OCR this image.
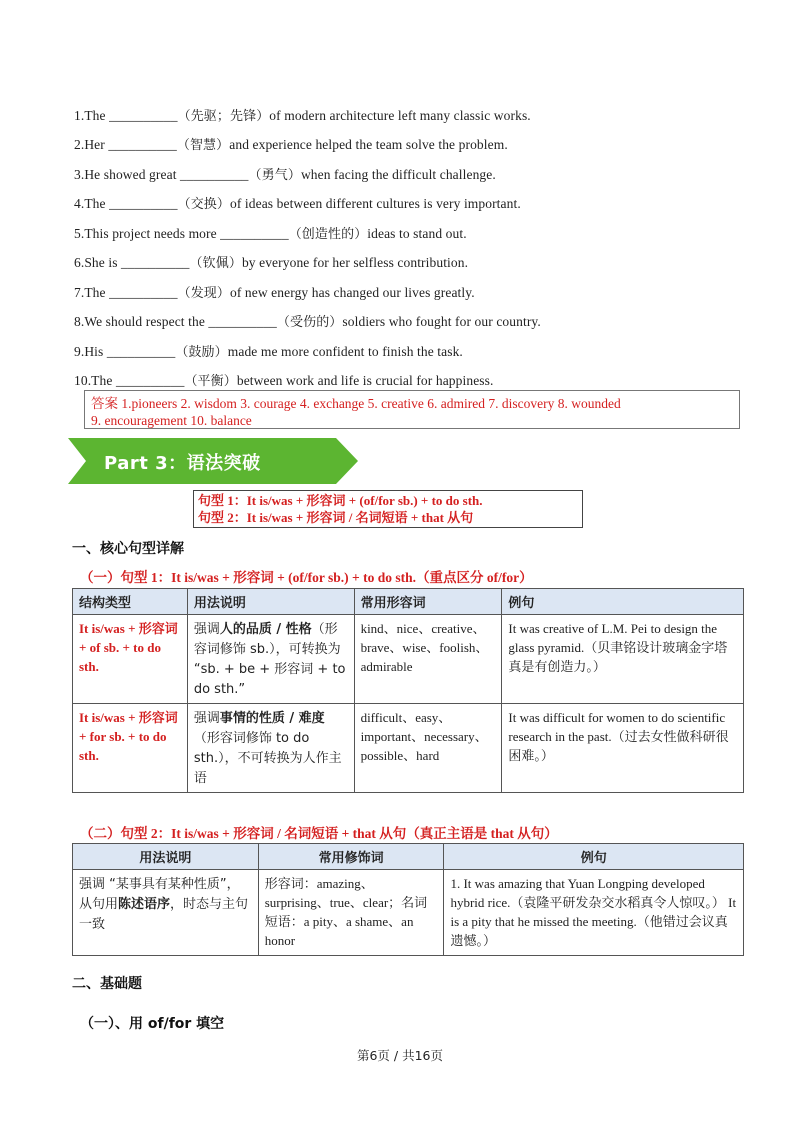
1.The __________（先驱；先锋）of modern architecture left many classic works.
2.Her __________（智慧）and experience helped the team solve the problem.
3.He showed great __________（勇气）when facing the difficult challenge.
4.The __________（交换）of ideas between different cultures is very important.
5.This project needs more __________（创造性的）ideas to stand out.
6.She is __________（钦佩）by everyone for her selfless contribution.
7.The __________（发现）of new energy has changed our lives greatly.
8.We should respect the __________（受伤的）soldiers who fought for our country.
9.His __________（鼓励）made me more confident to finish the task.
10.The __________（平衡）between work and life is crucial for happiness.
答案 1.pioneers 2. wisdom 3. courage 4. exchange 5. creative 6. admired 7. discovery 8. wounded
9. encouragement 10. balance
Part 3：语法突破
句型 1：It is/was + 形容词 + (of/for sb.) + to do sth.
句型 2：It is/was + 形容词 / 名词短语 + that 从句
一、核心句型详解
（一）句型 1：It is/was + 形容词 + (of/for sb.) + to do sth.（重点区分 of/for）
结构类型	用法说明	常用形容词	例句
It is/was + 形容词 + of sb. + to do sth.	强调人的品质 / 性格（形容词修饰 sb.），可转换为 “sb. + be + 形容词 + to do sth.”	kind、nice、creative、brave、wise、foolish、admirable	It was creative of L.M. Pei to design the glass pyramid.（贝聿铭设计玻璃金字塔真是有创造力。）
It is/was + 形容词 + for sb. + to do sth.	强调事情的性质 / 难度（形容词修饰 to do sth.），不可转换为人作主语	difficult、easy、important、necessary、possible、hard	It was difficult for women to do scientific research in the past.（过去女性做科研很困难。）
（二）句型 2：It is/was + 形容词 / 名词短语 + that 从句（真正主语是 that 从句）
用法说明	常用修饰词	例句
强调 “某事具有某种性质”，从句用陈述语序，时态与主句一致	形容词：amazing、surprising、true、clear；名词短语：a pity、a shame、an honor	1. It was amazing that Yuan Longping developed hybrid rice.（袁隆平研发杂交水稻真令人惊叹。） It is a pity that he missed the meeting.（他错过会议真遗憾。）
二、基础题
（一）、用 of/for 填空
第6页 / 共16页
